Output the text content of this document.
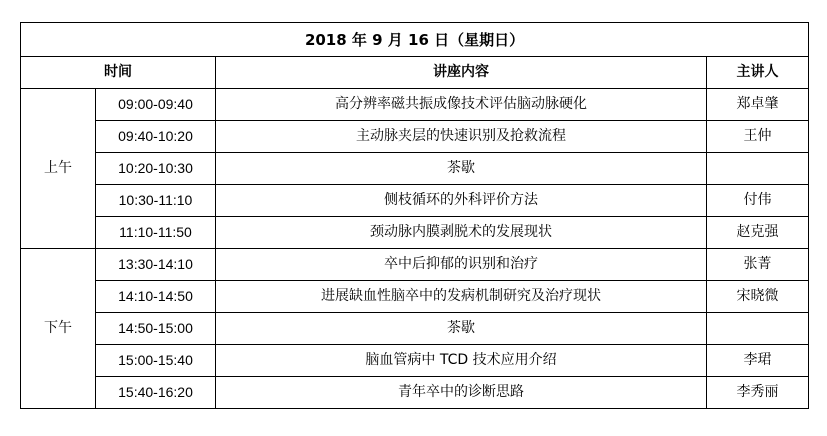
2018 年 9 月 16 日（星期日）			
时间		讲座内容	主讲人
上午	09:00-09:40	高分辨率磁共振成像技术评估脑动脉硬化	郑卓肇
	09:40-10:20	主动脉夹层的快速识别及抢救流程	王仲
	10:20-10:30	茶歇	
	10:30-11:10	侧枝循环的外科评价方法	付伟
	11:10-11:50	颈动脉内膜剥脱术的发展现状	赵克强
下午	13:30-14:10	卒中后抑郁的识别和治疗	张菁
	14:10-14:50	进展缺血性脑卒中的发病机制研究及治疗现状	宋晓微
	14:50-15:00	茶歇	
	15:00-15:40	脑血管病中 TCD 技术应用介绍	李珺
	15:40-16:20	青年卒中的诊断思路	李秀丽
